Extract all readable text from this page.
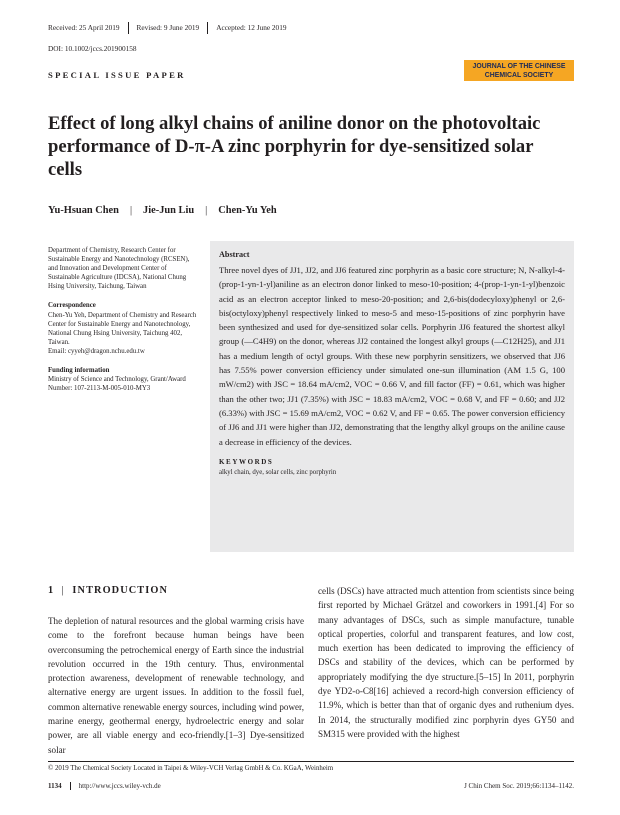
Received: 25 April 2019	Revised: 9 June 2019	Accepted: 12 June 2019
DOI: 10.1002/jccs.201900158
SPECIAL ISSUE PAPER
JOURNAL OF THE CHINESE
CHEMICAL SOCIETY
Effect of long alkyl chains of aniline donor on the photovoltaic performance of D-π-A zinc porphyrin for dye-sensitized solar cells
Yu-Hsuan Chen | Jie-Jun Liu | Chen-Yu Yeh
Department of Chemistry, Research Center for Sustainable Energy and Nanotechnology (RCSEN), and Innovation and Development Center of Sustainable Agriculture (IDCSA), National Chung Hsing University, Taichung, Taiwan
Correspondence
Chen-Yu Yeh, Department of Chemistry and Research Center for Sustainable Energy and Nanotechnology, National Chung Hsing University, Taichung 402, Taiwan.
Email: cyyeh@dragon.nchu.edu.tw
Funding information
Ministry of Science and Technology, Grant/Award Number: 107-2113-M-005-010-MY3
Abstract
Three novel dyes of JJ1, JJ2, and JJ6 featured zinc porphyrin as a basic core structure; N, N-alkyl-4-(prop-1-yn-1-yl)aniline as an electron donor linked to meso-10-position; 4-(prop-1-yn-1-yl)benzoic acid as an electron acceptor linked to meso-20-position; and 2,6-bis(dodecyloxy)phenyl or 2,6-bis(octyloxy)phenyl respectively linked to meso-5 and meso-15-positions of zinc porphyrin have been synthesized and used for dye-sensitized solar cells. Porphyrin JJ6 featured the shortest alkyl group (—C4H9) on the donor, whereas JJ2 contained the longest alkyl groups (—C12H25), and JJ1 has a medium length of octyl groups. With these new porphyrin sensitizers, we observed that JJ6 has 7.55% power conversion efficiency under simulated one-sun illumination (AM 1.5 G, 100 mW/cm2) with JSC = 18.64 mA/cm2, VOC = 0.66 V, and fill factor (FF) = 0.61, which was higher than the other two; JJ1 (7.35%) with JSC = 18.83 mA/cm2, VOC = 0.68 V, and FF = 0.60; and JJ2 (6.33%) with JSC = 15.69 mA/cm2, VOC = 0.62 V, and FF = 0.65. The power conversion efficiency of JJ6 and JJ1 were higher than JJ2, demonstrating that the lengthy alkyl groups on the aniline cause a decrease in efficiency of the devices.
KEYWORDS
alkyl chain, dye, solar cells, zinc porphyrin
1 | INTRODUCTION
The depletion of natural resources and the global warming crisis have come to the forefront because human beings have been overconsuming the petrochemical energy of Earth since the industrial revolution occurred in the 19th century. Thus, environmental protection awareness, development of renewable technology, and alternative energy are urgent issues. In addition to the fossil fuel, common alternative renewable energy sources, including wind power, marine energy, geothermal energy, hydroelectric energy and solar power, are all viable energy and eco-friendly.[1–3] Dye-sensitized solar
cells (DSCs) have attracted much attention from scientists since being first reported by Michael Grätzel and coworkers in 1991.[4] For so many advantages of DSCs, such as simple manufacture, tunable optical properties, colorful and transparent features, and low cost, much exertion has been dedicated to improving the efficiency of DSCs and stability of the devices, which can be performed by appropriately modifying the dye structure.[5–15] In 2011, porphyrin dye YD2-o-C8[16] achieved a record-high conversion efficiency of 11.9%, which is better than that of organic dyes and ruthenium dyes. In 2014, the structurally modified zinc porphyrin dyes GY50 and SM315 were provided with the highest
© 2019 The Chemical Society Located in Taipei & Wiley-VCH Verlag GmbH & Co. KGaA, Weinheim
1134	http://www.jccs.wiley-vch.de	J Chin Chem Soc. 2019;66:1134–1142.
